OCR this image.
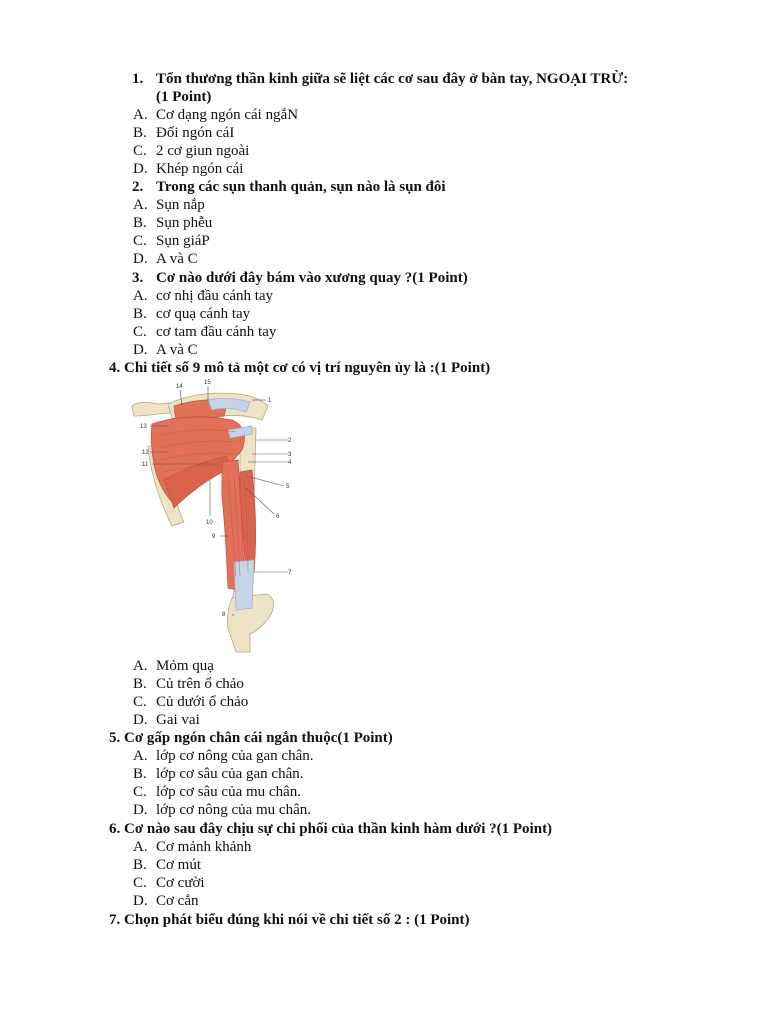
1. Tổn thương thần kinh giữa sẽ liệt các cơ sau đây ở bàn tay, NGOẠI TRỪ:
(1 Point)
A. Cơ dạng ngón cái ngắN
B. Đối ngón cáI
C. 2 cơ giun ngoài
D. Khép ngón cái
2. Trong các sụn thanh quản, sụn nào là sụn đôi
A. Sụn nắp
B. Sụn phễu
C. Sụn giáP
D. A và C
3. Cơ nào dưới đây bám vào xương quay ?(1 Point)
A. cơ nhị đầu cánh tay
B. cơ quạ cánh tay
C. cơ tam đầu cánh tay
D. A và C
4. Chi tiết số 9 mô tả một cơ có vị trí nguyên ủy là :(1 Point)
1
2
3
4
5
6
7
8
9
10
11
12
13
14
15
A. Mỏm quạ
B. Củ trên ổ chảo
C. Củ dưới ổ chảo
D. Gai vai
5. Cơ gấp ngón chân cái ngắn thuộc(1 Point)
A. lớp cơ nông của gan chân.
B. lớp cơ sâu của gan chân.
C. lớp cơ sâu của mu chân.
D. lớp cơ nông của mu chân.
6. Cơ nào sau đây chịu sự chi phối của thần kinh hàm dưới ?(1 Point)
A. Cơ mảnh khảnh
B. Cơ mút
C. Cơ cười
D. Cơ cắn
7. Chọn phát biểu đúng khi nói về chi tiết số 2 : (1 Point)
